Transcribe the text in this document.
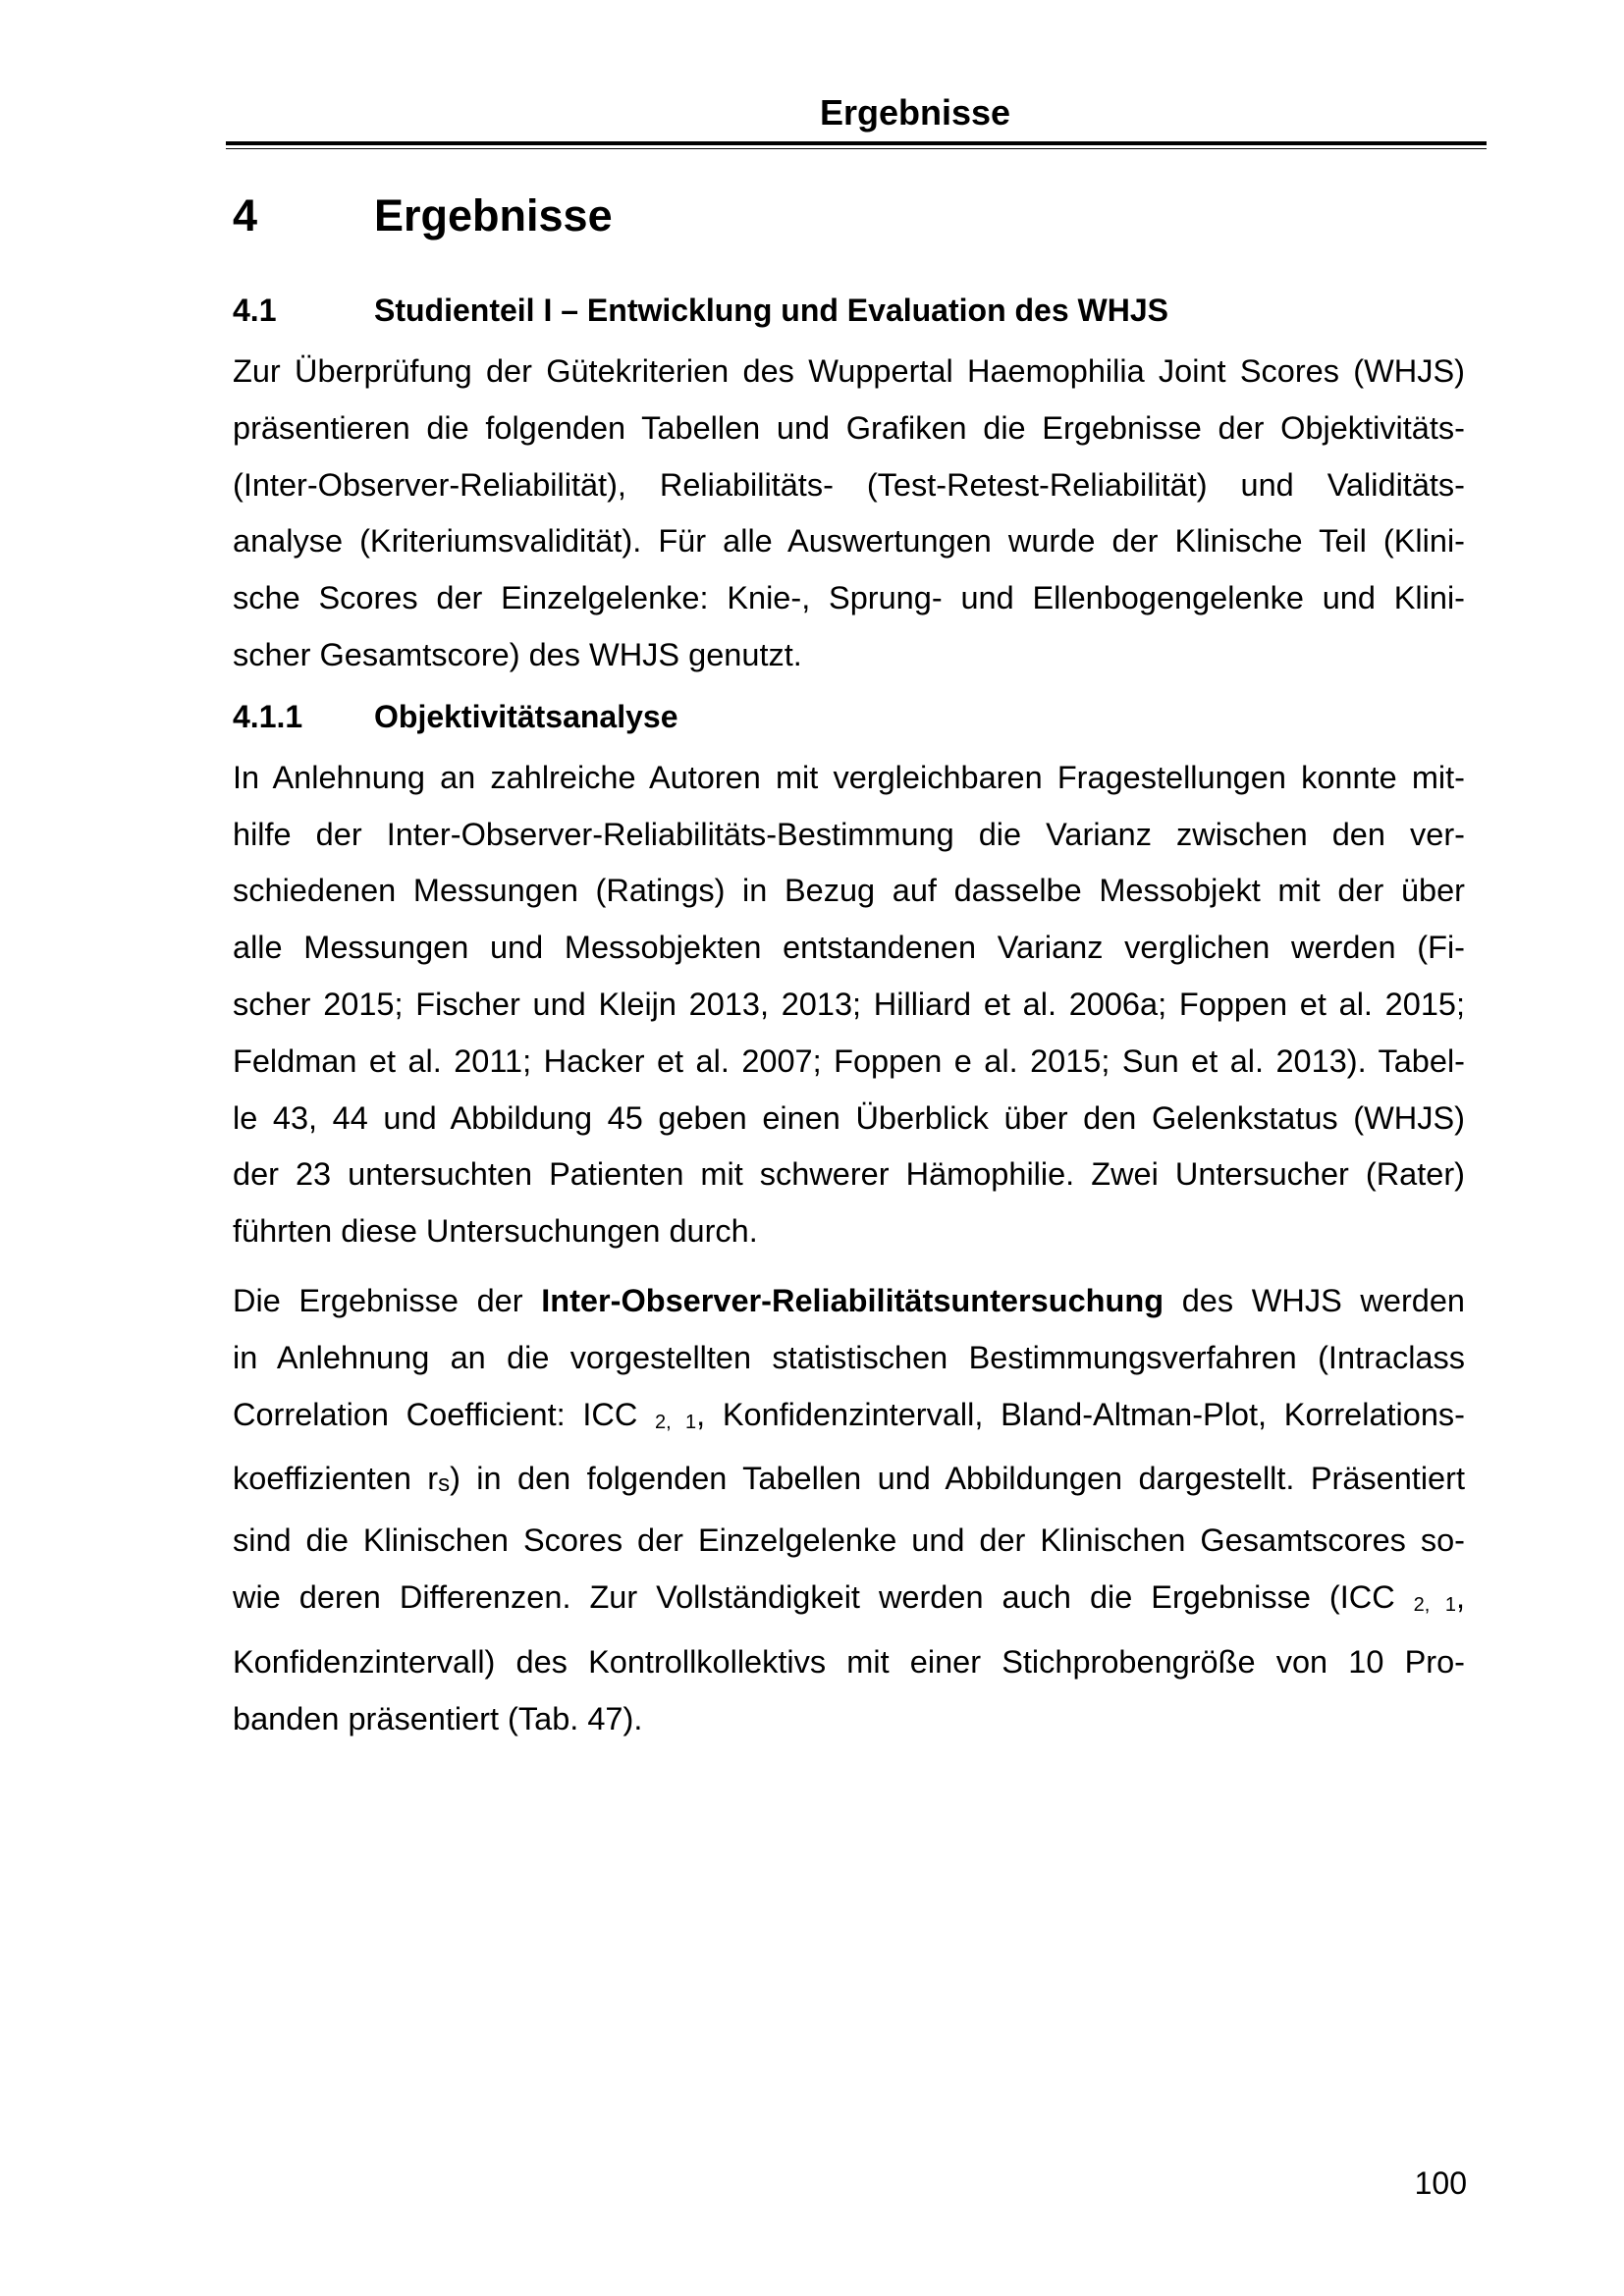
Ergebnisse
4	Ergebnisse
4.1	Studienteil I – Entwicklung und Evaluation des WHJS
Zur Überprüfung der Gütekriterien des Wuppertal Haemophilia Joint Scores (WHJS)
präsentieren die folgenden Tabellen und Grafiken die Ergebnisse der Objektivitäts-
(Inter-Observer-Reliabilität), Reliabilitäts- (Test-Retest-Reliabilität) und Validitäts-
analyse (Kriteriumsvalidität). Für alle Auswertungen wurde der Klinische Teil (Klini-
sche Scores der Einzelgelenke: Knie-, Sprung- und Ellenbogengelenke und Klini-
scher Gesamtscore) des WHJS genutzt.
4.1.1	Objektivitätsanalyse
In Anlehnung an zahlreiche Autoren mit vergleichbaren Fragestellungen konnte mit-
hilfe der Inter-Observer-Reliabilitäts-Bestimmung die Varianz zwischen den ver-
schiedenen Messungen (Ratings) in Bezug auf dasselbe Messobjekt mit der über
alle Messungen und Messobjekten entstandenen Varianz verglichen werden (Fi-
scher 2015; Fischer und Kleijn 2013, 2013; Hilliard et al. 2006a; Foppen et al. 2015;
Feldman et al. 2011; Hacker et al. 2007; Foppen e al. 2015; Sun et al. 2013). Tabel-
le 43, 44 und Abbildung 45 geben einen Überblick über den Gelenkstatus (WHJS)
der 23 untersuchten Patienten mit schwerer Hämophilie. Zwei Untersucher (Rater)
führten diese Untersuchungen durch.
Die Ergebnisse der Inter-Observer-Reliabilitätsuntersuchung des WHJS werden
in Anlehnung an die vorgestellten statistischen Bestimmungsverfahren (Intraclass
Correlation Coefficient: ICC 2, 1, Konfidenzintervall, Bland-Altman-Plot, Korrelations-
koeffizienten rs) in den folgenden Tabellen und Abbildungen dargestellt. Präsentiert
sind die Klinischen Scores der Einzelgelenke und der Klinischen Gesamtscores so-
wie deren Differenzen. Zur Vollständigkeit werden auch die Ergebnisse (ICC 2, 1,
Konfidenzintervall) des Kontrollkollektivs mit einer Stichprobengröße von 10 Pro-
banden präsentiert (Tab. 47).
100
